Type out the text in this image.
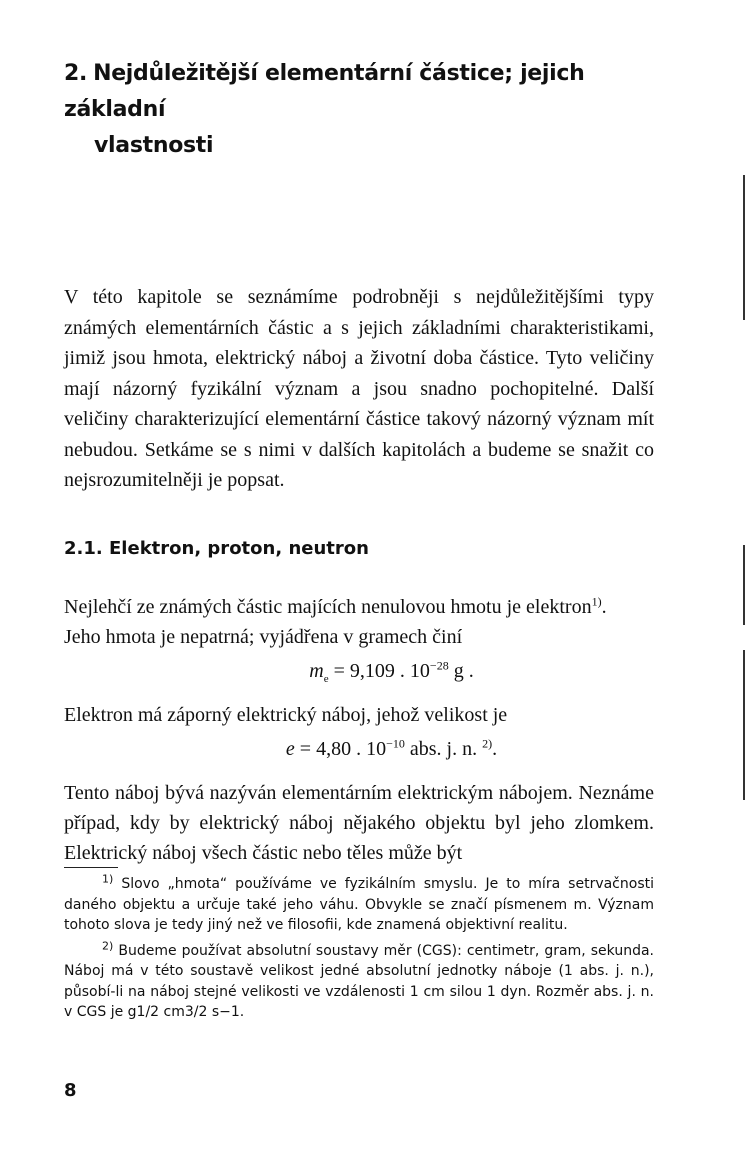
2. Nejdůležitější elementární částice; jejich základní
vlastnosti
V této kapitole se seznámíme podrobněji s nejdůležitějšími typy známých elementárních částic a s jejich základními charakteristikami, jimiž jsou hmota, elektrický náboj a životní doba částice. Tyto veličiny mají názorný fyzikální význam a jsou snadno pochopitelné. Další veličiny charakterizující elementární částice takový názorný význam mít nebudou. Setkáme se s nimi v dalších kapitolách a budeme se snažit co nejsrozumitelněji je popsat.
2.1. Elektron, proton, neutron
Nejlehčí ze známých částic majících nenulovou hmotu je elektron$^{1)}$.
Jeho hmota je nepatrná; vyjádřena v gramech činí
$m_e = 9,109$ . $10^{-28}$ g .
Elektron má záporný elektrický náboj, jehož velikost je
e = 4,80 . $10^{-10}$ abs. j. n. $^{2)}$.
Tento náboj bývá nazýván elementárním elektrickým nábojem. Neznáme případ, kdy by elektrický náboj nějakého objektu byl jeho zlomkem. Elektrický náboj všech částic nebo těles může být

$^{1)}$ Slovo „hmota“ používáme ve fyzikálním smyslu. Je to míra setrvačnosti daného objektu a určuje také jeho váhu. Obvykle se značí písmenem m. Význam tohoto slova je tedy jiný než ve filosofii, kde znamená objektivní realitu.

$^{2)}$ Budeme používat absolutní soustavy měr (CGS): centimetr, gram, sekunda. Náboj má v této soustavě velikost jedné absolutní jednotky náboje (1 abs. j. n.), působí-li na náboj stejné velikosti ve vzdálenosti 1 cm silou 1 dyn. Rozměr abs. j. n. v CGS je g1/2 cm3/2 s−1.

8
